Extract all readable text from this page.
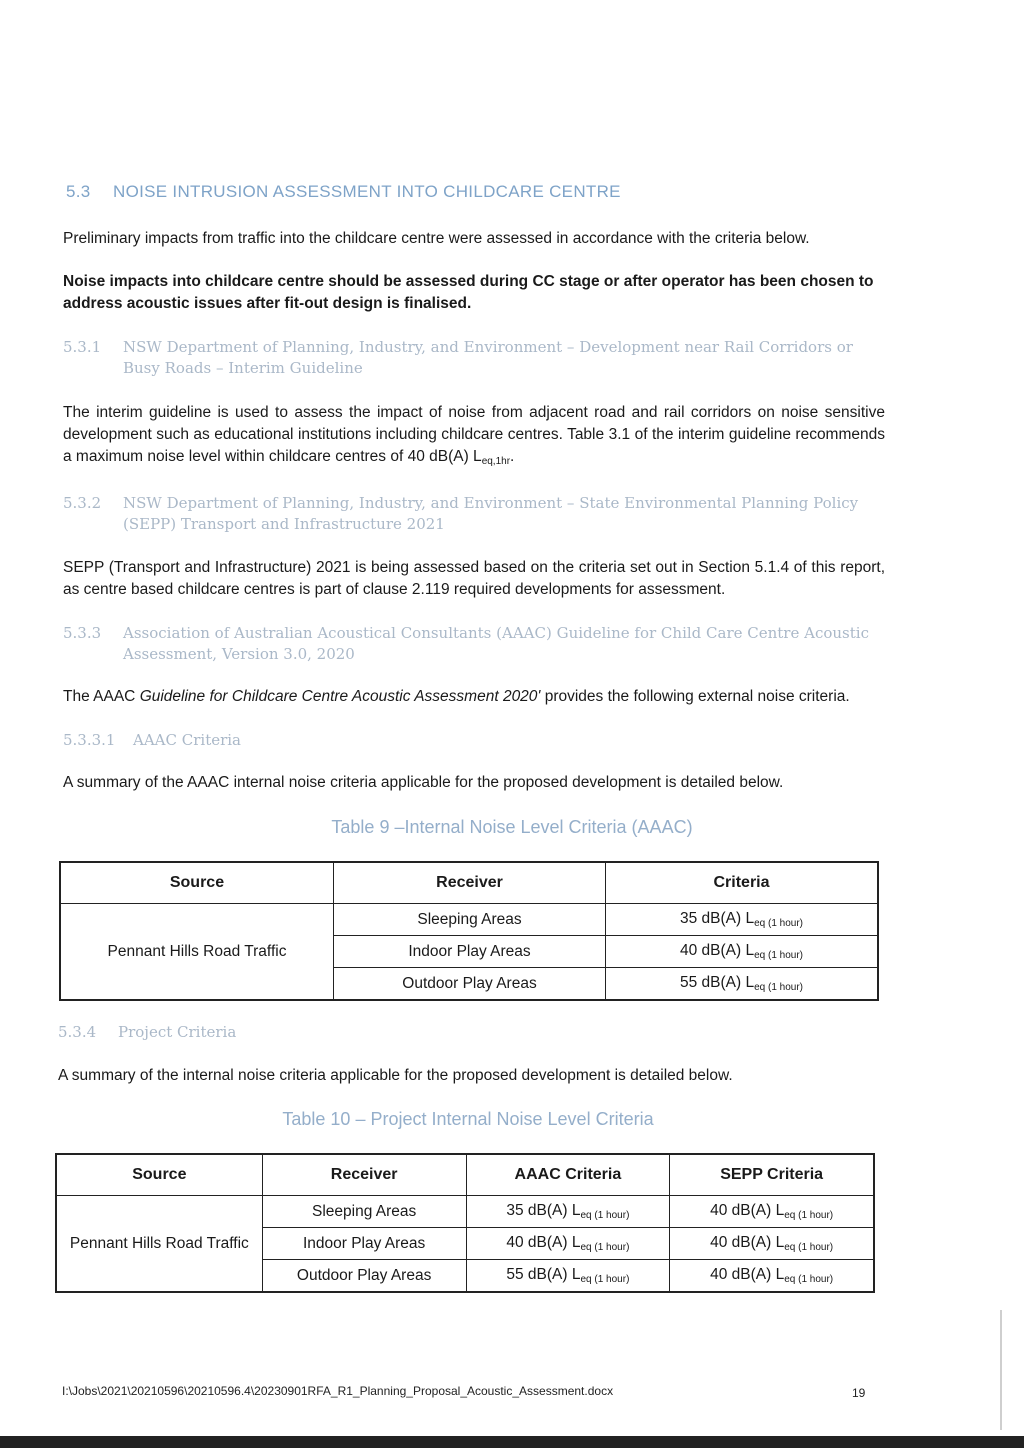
5.3 NOISE INTRUSION ASSESSMENT INTO CHILDCARE CENTRE
Preliminary impacts from traffic into the childcare centre were assessed in accordance with the criteria below.
Noise impacts into childcare centre should be assessed during CC stage or after operator has been chosen to address acoustic issues after fit-out design is finalised.
5.3.1	NSW Department of Planning, Industry, and Environment – Development near Rail Corridors or Busy Roads – Interim Guideline
The interim guideline is used to assess the impact of noise from adjacent road and rail corridors on noise sensitive development such as educational institutions including childcare centres. Table 3.1 of the interim guideline recommends a maximum noise level within childcare centres of 40 dB(A) $L_{eq,1hr}$.
5.3.2	NSW Department of Planning, Industry, and Environment – State Environmental Planning Policy (SEPP) Transport and Infrastructure 2021
SEPP (Transport and Infrastructure) 2021 is being assessed based on the criteria set out in Section 5.1.4 of this report, as centre based childcare centres is part of clause 2.119 required developments for assessment.
5.3.3	Association of Australian Acoustical Consultants (AAAC) Guideline for Child Care Centre Acoustic Assessment, Version 3.0, 2020
The AAAC Guideline for Childcare Centre Acoustic Assessment 2020' provides the following external noise criteria.
5.3.3.1	AAAC Criteria
A summary of the AAAC internal noise criteria applicable for the proposed development is detailed below.
Table 9 –Internal Noise Level Criteria (AAAC)
Source	Receiver	Criteria
Pennant Hills Road Traffic	Sleeping Areas	35 dB(A) $L_{eq (1 hour)}$
	Indoor Play Areas	40 dB(A) $L_{eq (1 hour)}$
	Outdoor Play Areas	55 dB(A) $L_{eq (1 hour)}$
5.3.4	Project Criteria
A summary of the internal noise criteria applicable for the proposed development is detailed below.
Table 10 – Project Internal Noise Level Criteria
Source	Receiver	AAAC Criteria	SEPP Criteria
Pennant Hills Road Traffic	Sleeping Areas	35 dB(A) $L_{eq (1 hour)}$	40 dB(A) $L_{eq (1 hour)}$
	Indoor Play Areas	40 dB(A) $L_{eq (1 hour)}$	40 dB(A) $L_{eq (1 hour)}$
	Outdoor Play Areas	55 dB(A) $L_{eq (1 hour)}$	40 dB(A) $L_{eq (1 hour)}$
I:\Jobs\2021\20210596\20210596.4\20230901RFA_R1_Planning_Proposal_Acoustic_Assessment.docx	19
